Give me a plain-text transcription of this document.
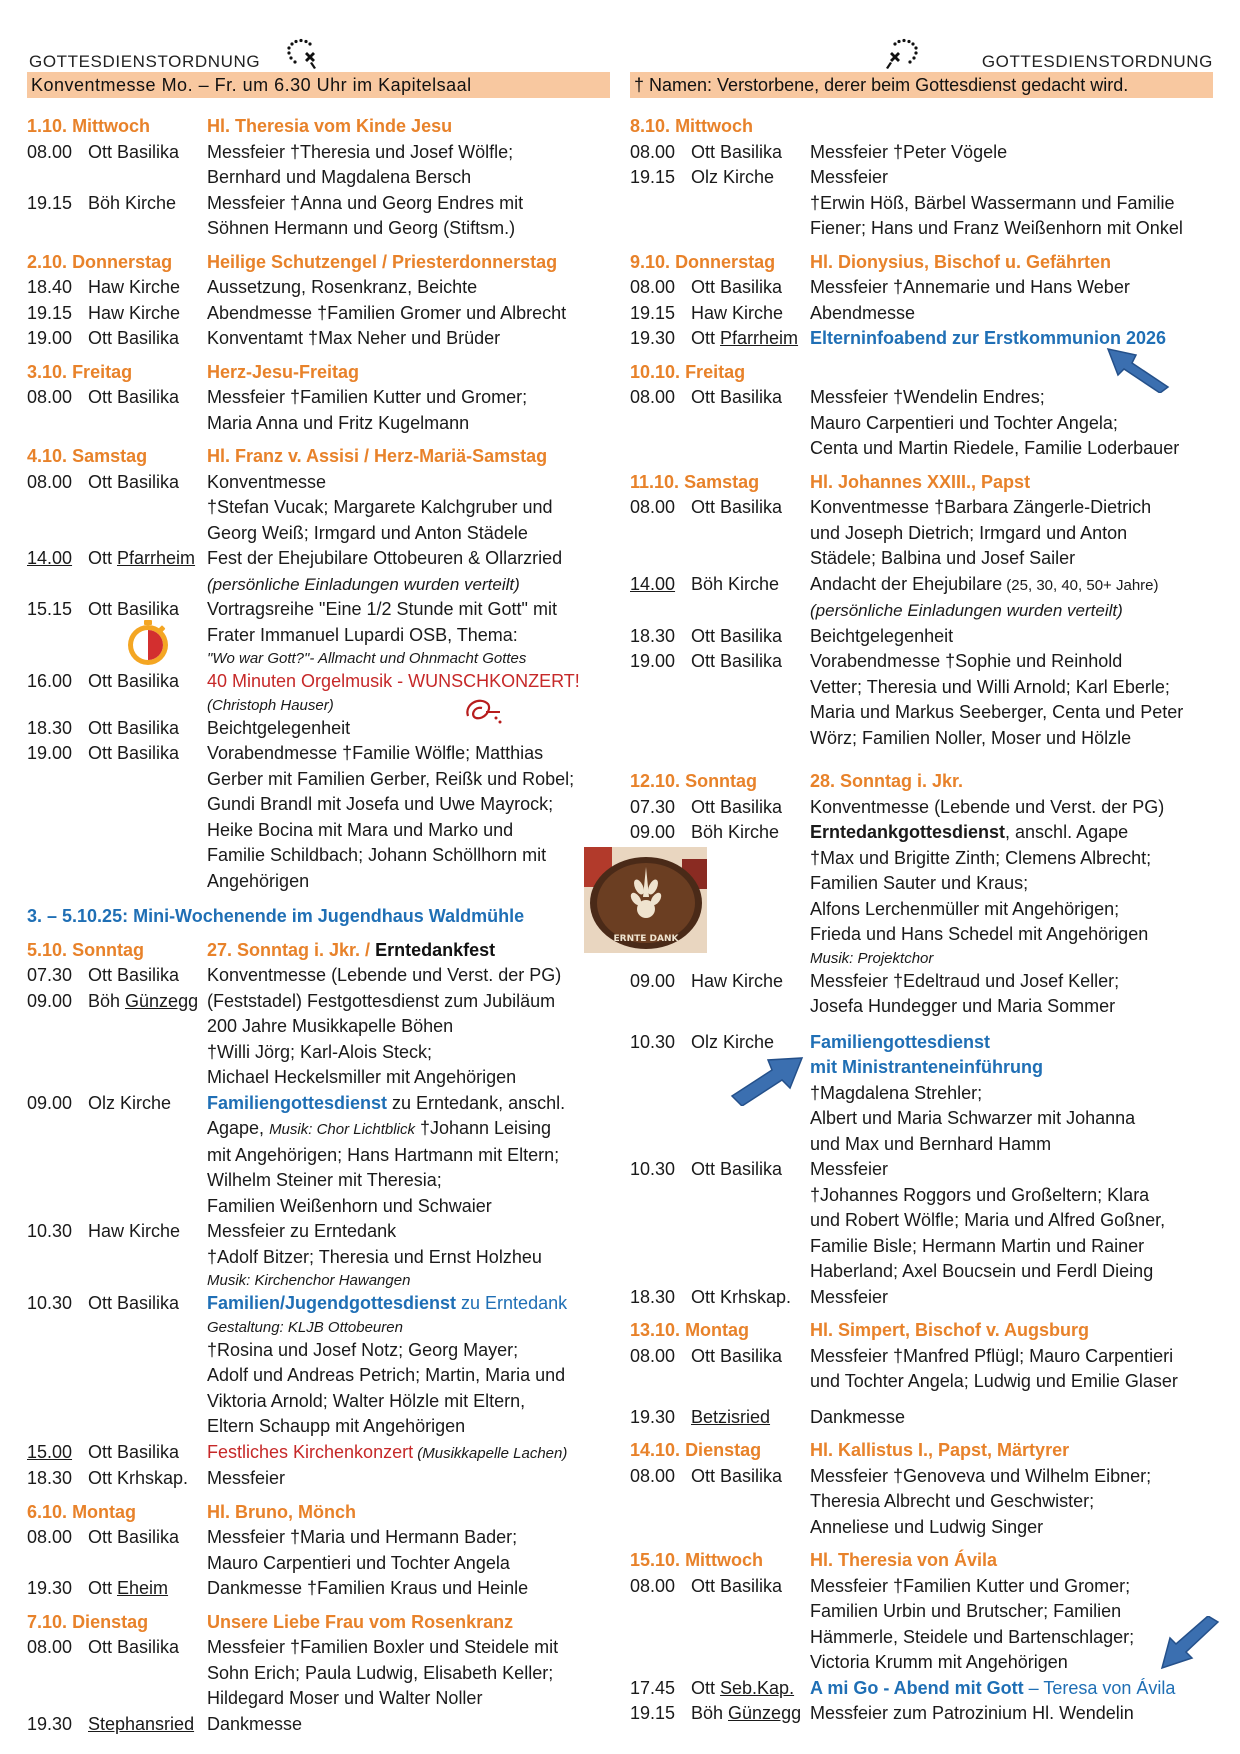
GOTTESDIENSTORDNUNG
Konventmesse Mo. – Fr. um 6.30 Uhr im Kapitelsaal
1.10. Mittwoch	Hl. Theresia vom Kinde Jesu
08.00 Ott Basilika	Messfeier †Theresia und Josef Wölfle;
Bernhard und Magdalena Bersch
19.15 Böh Kirche	Messfeier †Anna und Georg Endres mit
Söhnen Hermann und Georg (Stiftsm.)
2.10. Donnerstag	Heilige Schutzengel / Priesterdonnerstag
18.40 Haw Kirche	Aussetzung, Rosenkranz, Beichte
19.15 Haw Kirche	Abendmesse †Familien Gromer und Albrecht
19.00 Ott Basilika	Konventamt †Max Neher und Brüder
3.10. Freitag	Herz-Jesu-Freitag
08.00 Ott Basilika	Messfeier †Familien Kutter und Gromer;
Maria Anna und Fritz Kugelmann
4.10. Samstag	Hl. Franz v. Assisi / Herz-Mariä-Samstag
08.00 Ott Basilika	Konventmesse
†Stefan Vucak; Margarete Kalchgruber und
Georg Weiß; Irmgard und Anton Städele
14.00 Ott Pfarrheim Fest der Ehejubilare Ottobeuren & Ollarzried
(persönliche Einladungen wurden verteilt)
15.15 Ott Basilika	Vortragsreihe "Eine 1/2 Stunde mit Gott" mit
Frater Immanuel Lupardi OSB, Thema:
"Wo war Gott?"- Allmacht und Ohnmacht Gottes
16.00 Ott Basilika	40 Minuten Orgelmusik - WUNSCHKONZERT!
(Christoph Hauser)
18.30 Ott Basilika	Beichtgelegenheit
19.00 Ott Basilika	Vorabendmesse †Familie Wölfle; Matthias
Gerber mit Familien Gerber, Reißk und Robel;
Gundi Brandl mit Josefa und Uwe Mayrock;
Heike Bocina mit Mara und Marko und
Familie Schildbach; Johann Schöllhorn mit
Angehörigen
3. – 5.10.25: Mini-Wochenende im Jugendhaus Waldmühle
5.10. Sonntag	27. Sonntag i. Jkr. / Erntedankfest
07.30 Ott Basilika	Konventmesse (Lebende und Verst. der PG)
09.00 Böh Günzegg (Feststadel) Festgottesdienst zum Jubiläum
200 Jahre Musikkapelle Böhen
†Willi Jörg; Karl-Alois Steck;
Michael Heckelsmiller mit Angehörigen
09.00 Olz Kirche	Familiengottesdienst zu Erntedank, anschl.
Agape, Musik: Chor Lichtblick †Johann Leising
mit Angehörigen; Hans Hartmann mit Eltern;
Wilhelm Steiner mit Theresia;
Familien Weißenhorn und Schwaier
10.30 Haw Kirche	Messfeier zu Erntedank
†Adolf Bitzer; Theresia und Ernst Holzheu
Musik: Kirchenchor Hawangen
10.30 Ott Basilika	Familien/Jugendgottesdienst zu Erntedank
Gestaltung: KLJB Ottobeuren
†Rosina und Josef Notz; Georg Mayer;
Adolf und Andreas Petrich; Martin, Maria und
Viktoria Arnold; Walter Hölzle mit Eltern,
Eltern Schaupp mit Angehörigen
15.00 Ott Basilika	Festliches Kirchenkonzert (Musikkapelle Lachen)
18.30 Ott Krhskap.	Messfeier
6.10. Montag	Hl. Bruno, Mönch
08.00 Ott Basilika	Messfeier †Maria und Hermann Bader;
Mauro Carpentieri und Tochter Angela
19.30 Ott Eheim	Dankmesse †Familien Kraus und Heinle
7.10. Dienstag	Unsere Liebe Frau vom Rosenkranz
08.00 Ott Basilika	Messfeier †Familien Boxler und Steidele mit
Sohn Erich; Paula Ludwig, Elisabeth Keller;
Hildegard Moser und Walter Noller
19.30 Stephansried Dankmesse
GOTTESDIENSTORDNUNG
† Namen: Verstorbene, derer beim Gottesdienst gedacht wird.
8.10. Mittwoch
08.00 Ott Basilika	Messfeier †Peter Vögele
19.15 Olz Kirche	Messfeier
†Erwin Höß, Bärbel Wassermann und Familie
Fiener; Hans und Franz Weißenhorn mit Onkel
9.10. Donnerstag	Hl. Dionysius, Bischof u. Gefährten
08.00 Ott Basilika	Messfeier †Annemarie und Hans Weber
19.15 Haw Kirche	Abendmesse
19.30 Ott Pfarrheim Elterninfoabend zur Erstkommunion 2026
10.10. Freitag
08.00 Ott Basilika	Messfeier †Wendelin Endres;
Mauro Carpentieri und Tochter Angela;
Centa und Martin Riedele, Familie Loderbauer
11.10. Samstag	Hl. Johannes XXIII., Papst
08.00 Ott Basilika	Konventmesse †Barbara Zängerle-Dietrich
und Joseph Dietrich; Irmgard und Anton
Städele; Balbina und Josef Sailer
14.00 Böh Kirche	Andacht der Ehejubilare (25, 30, 40, 50+ Jahre)
(persönliche Einladungen wurden verteilt)
18.30 Ott Basilika	Beichtgelegenheit
19.00 Ott Basilika	Vorabendmesse †Sophie und Reinhold
Vetter; Theresia und Willi Arnold; Karl Eberle;
Maria und Markus Seeberger, Centa und Peter
Wörz; Familien Noller, Moser und Hölzle
12.10. Sonntag	28. Sonntag i. Jkr.
07.30 Ott Basilika	Konventmesse (Lebende und Verst. der PG)
09.00 Böh Kirche	Erntedankgottesdienst, anschl. Agape
†Max und Brigitte Zinth; Clemens Albrecht;
Familien Sauter und Kraus;
Alfons Lerchenmüller mit Angehörigen;
Frieda und Hans Schedel mit Angehörigen
Musik: Projektchor
09.00 Haw Kirche	Messfeier †Edeltraud und Josef Keller;
Josefa Hundegger und Maria Sommer
10.30 Olz Kirche	Familiengottesdienst
mit Ministranteneinführung
†Magdalena Strehler;
Albert und Maria Schwarzer mit Johanna
und Max und Bernhard Hamm
10.30 Ott Basilika	Messfeier
†Johannes Roggors und Großeltern; Klara
und Robert Wölfle; Maria und Alfred Goßner,
Familie Bisle; Hermann Martin und Rainer
Haberland; Axel Boucsein und Ferdl Dieing
18.30 Ott Krhskap.	Messfeier
13.10. Montag	Hl. Simpert, Bischof v. Augsburg
08.00 Ott Basilika	Messfeier †Manfred Pflügl; Mauro Carpentieri
und Tochter Angela; Ludwig und Emilie Glaser
19.30 Betzisried	Dankmesse
14.10. Dienstag	Hl. Kallistus I., Papst, Märtyrer
08.00 Ott Basilika	Messfeier †Genoveva und Wilhelm Eibner;
Theresia Albrecht und Geschwister;
Anneliese und Ludwig Singer
15.10. Mittwoch	Hl. Theresia von Ávila
08.00 Ott Basilika	Messfeier †Familien Kutter und Gromer;
Familien Urbin und Brutscher; Familien
Hämmerle, Steidele und Bartenschlager;
Victoria Krumm mit Angehörigen
17.45 Ott Seb.Kap. A mi Go - Abend mit Gott – Teresa von Ávila
19.15 Böh Günzegg Messfeier zum Patrozinium Hl. Wendelin
ERNTE DANK
